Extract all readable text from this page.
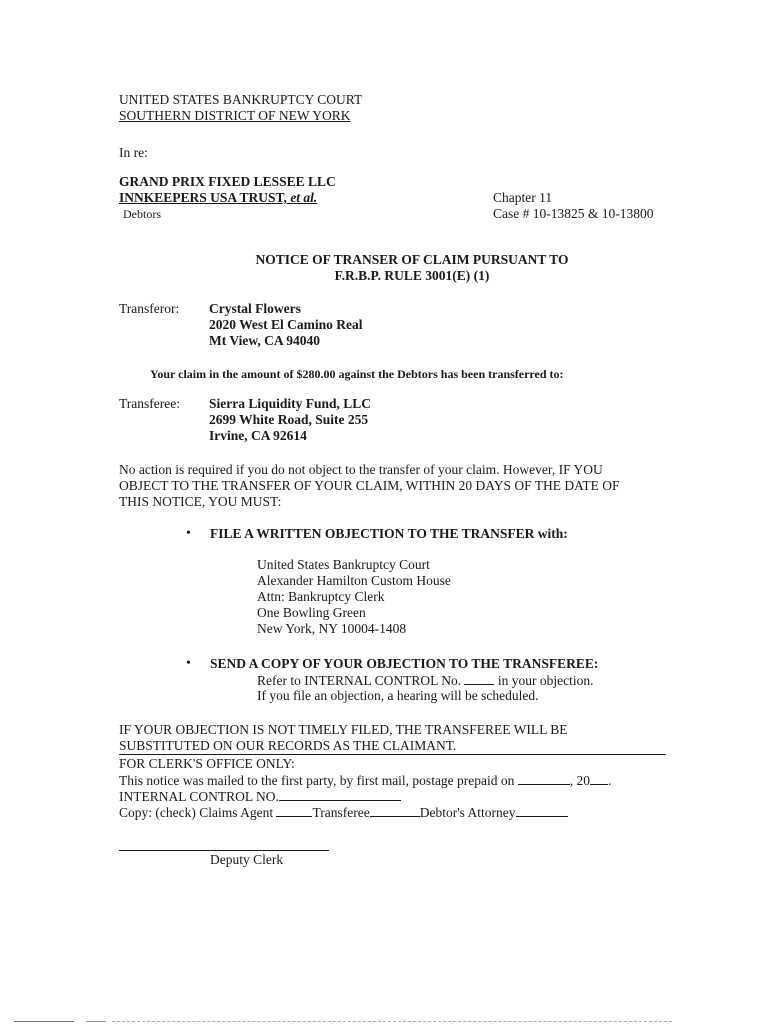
UNITED STATES BANKRUPTCY COURT
SOUTHERN DISTRICT OF NEW YORK
In re:
GRAND PRIX FIXED LESSEE LLC
INNKEEPERS USA TRUST, et al.
Debtors
Chapter 11
Case # 10-13825 & 10-13800
NOTICE OF TRANSER OF CLAIM PURSUANT TO
F.R.B.P. RULE 3001(E) (1)
Transferor: Crystal Flowers
2020 West El Camino Real
Mt View, CA 94040
Your claim in the amount of $280.00 against the Debtors has been transferred to:
Transferee: Sierra Liquidity Fund, LLC
2699 White Road, Suite 255
Irvine, CA 92614
No action is required if you do not object to the transfer of your claim. However, IF YOU
OBJECT TO THE TRANSFER OF YOUR CLAIM, WITHIN 20 DAYS OF THE DATE OF
THIS NOTICE, YOU MUST:
• FILE A WRITTEN OBJECTION TO THE TRANSFER with:
United States Bankruptcy Court
Alexander Hamilton Custom House
Attn: Bankruptcy Clerk
One Bowling Green
New York, NY 10004-1408
• SEND A COPY OF YOUR OBJECTION TO THE TRANSFEREE:
Refer to INTERNAL CONTROL No.	in your objection.
If you file an objection, a hearing will be scheduled.
IF YOUR OBJECTION IS NOT TIMELY FILED, THE TRANSFEREE WILL BE
SUBSTITUTED ON OUR RECORDS AS THE CLAIMANT.
FOR CLERK'S OFFICE ONLY:
This notice was mailed to the first party, by first mail, postage prepaid on	, 20 .
INTERNAL CONTROL NO.
Copy: (check) Claims Agent	Transferee	Debtor's Attorney
Deputy Clerk
